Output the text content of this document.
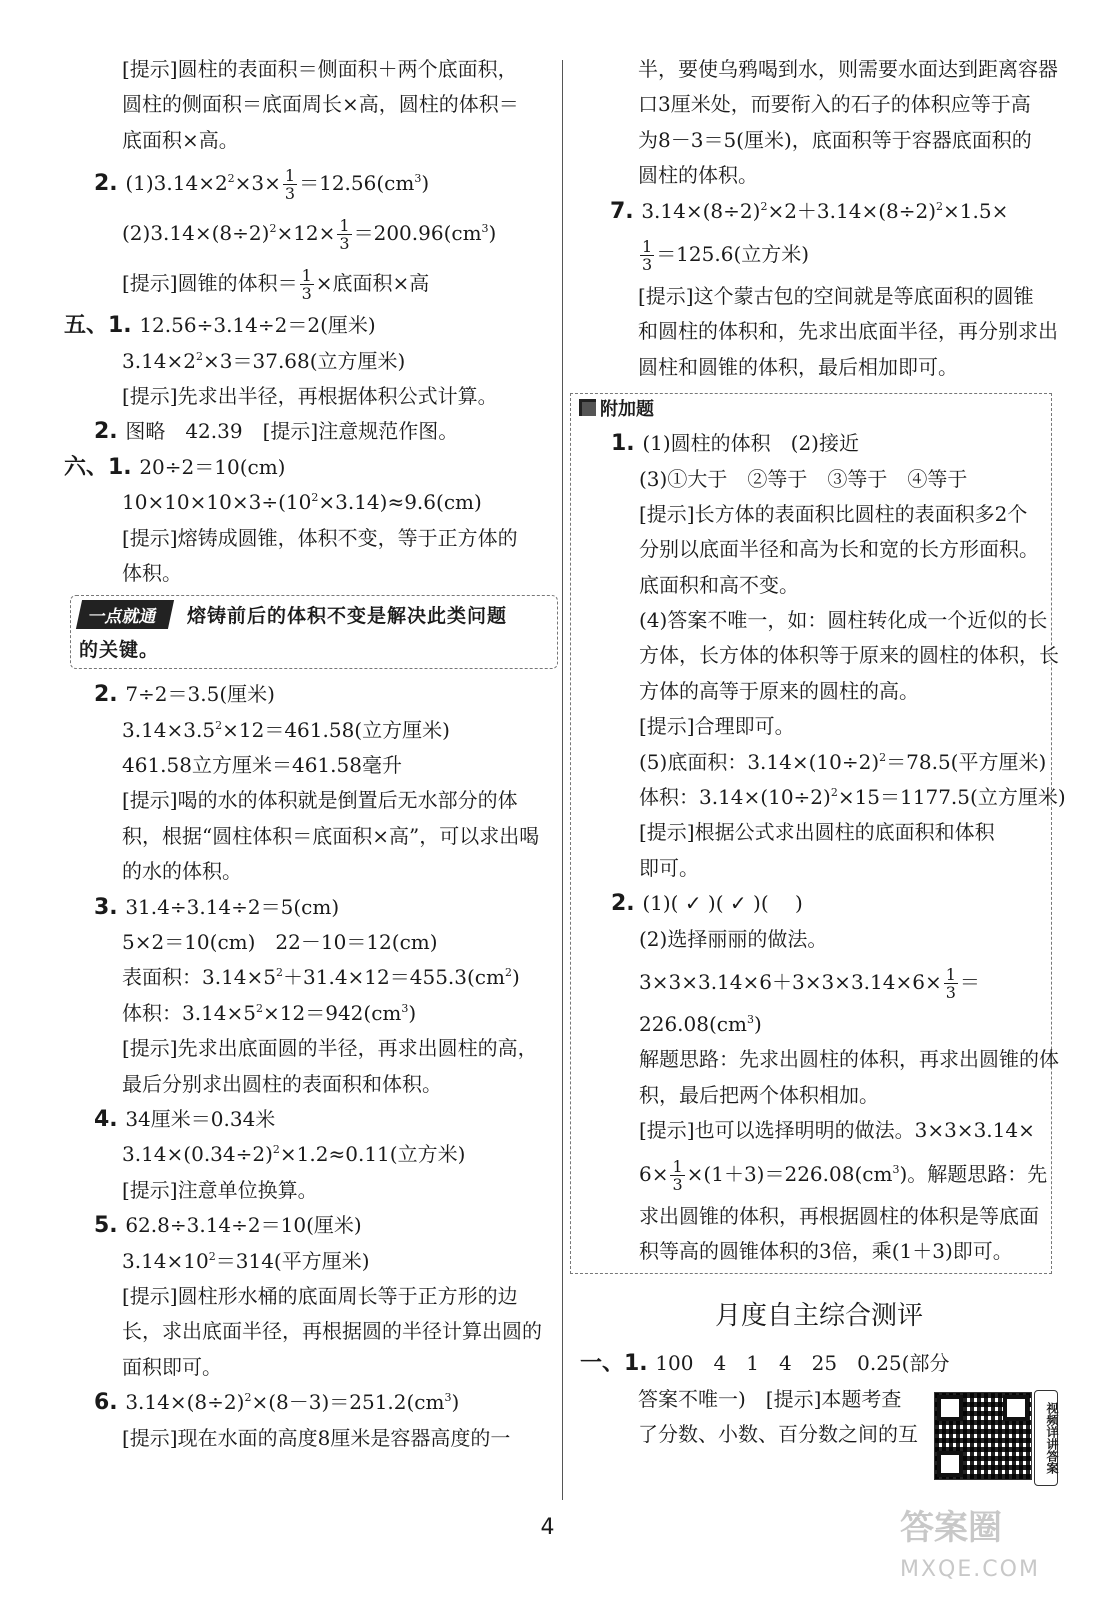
[提示]圆柱的表面积＝侧面积＋两个底面积，
圆柱的侧面积＝底面周长×高，圆柱的体积＝
底面积×高。
2. $(1)3.14\times 2^2\times 3\times \frac{1}{3} =12.56(cm^3)$
$(2)3.14\times(8\div 2)^2\times 12\times \frac{1}{3} =200.96(cm^3)$
[提示]圆锥的体积＝ $\frac{1}{3}$ ×底面积×高
五、1. 12.56÷3.14÷2＝2(厘米)
$3.14\times 2^2\times 3=37.68$(立方厘米)
[提示]先求出半径，再根据体积公式计算。
2. 图略　42.39　[提示]注意规范作图。
六、1. 20÷2＝10(cm)
$10\times 10\times 10\times 3\div(10^2\times 3.14)\approx 9.6(cm)$
[提示]熔铸成圆锥，体积不变，等于正方体的
体积。
一点就通 熔铸前后的体积不变是解决此类问题
的关键。
2. 7÷2＝3.5(厘米)
$3.14\times 3.5^2\times 12=461.58$(立方厘米)
461.58立方厘米＝461.58毫升
[提示]喝的水的体积就是倒置后无水部分的体
积，根据“圆柱体积＝底面积×高”，可以求出喝
的水的体积。
3. 31.4÷3.14÷2＝5(cm)
5×2＝10(cm)　22－10＝12(cm)
表面积：$3.14\times 5^2+31.4\times 12=455.3(cm^2)$
体积：$3.14\times 5^2\times 12=942(cm^3)$
[提示]先求出底面圆的半径，再求出圆柱的高，
最后分别求出圆柱的表面积和体积。
4. 34厘米＝0.34米
$3.14\times(0.34\div 2)^2\times 1.2\approx 0.11$(立方米)
[提示]注意单位换算。
5. 62.8÷3.14÷2＝10(厘米)
$3.14\times 10^2=314$(平方厘米)
[提示]圆柱形水桶的底面周长等于正方形的边
长，求出底面半径，再根据圆的半径计算出圆的
面积即可。
6. $3.14\times(8\div 2)^2\times(8-3)=251.2(cm^3)$
[提示]现在水面的高度8厘米是容器高度的一
半，要使乌鸦喝到水，则需要水面达到距离容器
口3厘米处，而要衔入的石子的体积应等于高
为8－3＝5(厘米)，底面积等于容器底面积的
圆柱的体积。
7. $3.14\times(8\div 2)^2\times 2+3.14\times(8\div 2)^2\times 1.5\times$
$\frac{1}{3} =125.6$(立方米)
[提示]这个蒙古包的空间就是等底面积的圆锥
和圆柱的体积和，先求出底面半径，再分别求出
圆柱和圆锥的体积，最后相加即可。
附加题
1. (1)圆柱的体积　(2)接近
(3)①大于　②等于　③等于　④等于
[提示]长方体的表面积比圆柱的表面积多2个
分别以底面半径和高为长和宽的长方形面积。
底面积和高不变。
(4)答案不唯一，如：圆柱转化成一个近似的长
方体，长方体的体积等于原来的圆柱的体积，长
方体的高等于原来的圆柱的高。
[提示]合理即可。
(5)底面积：$3.14\times(10\div 2)^2=78.5$(平方厘米)
体积：$3.14\times(10\div 2)^2\times 15=1177.5$(立方厘米)
[提示]根据公式求出圆柱的底面积和体积
即可。
2. (1)( ✓ )( ✓ )(　 )
(2)选择丽丽的做法。
$3\times 3\times 3.14\times 6+3\times 3\times 3.14\times 6\times \frac{1}{3}$ ＝
$226.08(cm^3)$
解题思路：先求出圆柱的体积，再求出圆锥的体
积，最后把两个体积相加。
[提示]也可以选择明明的做法。3×3×3.14×
$6\times \frac{1}{3} \times(1+3)=226.08(cm^3)$。解题思路：先
求出圆锥的体积，再根据圆柱的体积是等底面
积等高的圆锥体积的3倍，乘(1＋3)即可。
月度自主综合测评
一、1. 100　4　1　4　25　0.25(部分
答案不唯一)　[提示]本题考查
了分数、小数、百分数之间的互	视频详讲答案
4	答案圈
MXQE.COM
